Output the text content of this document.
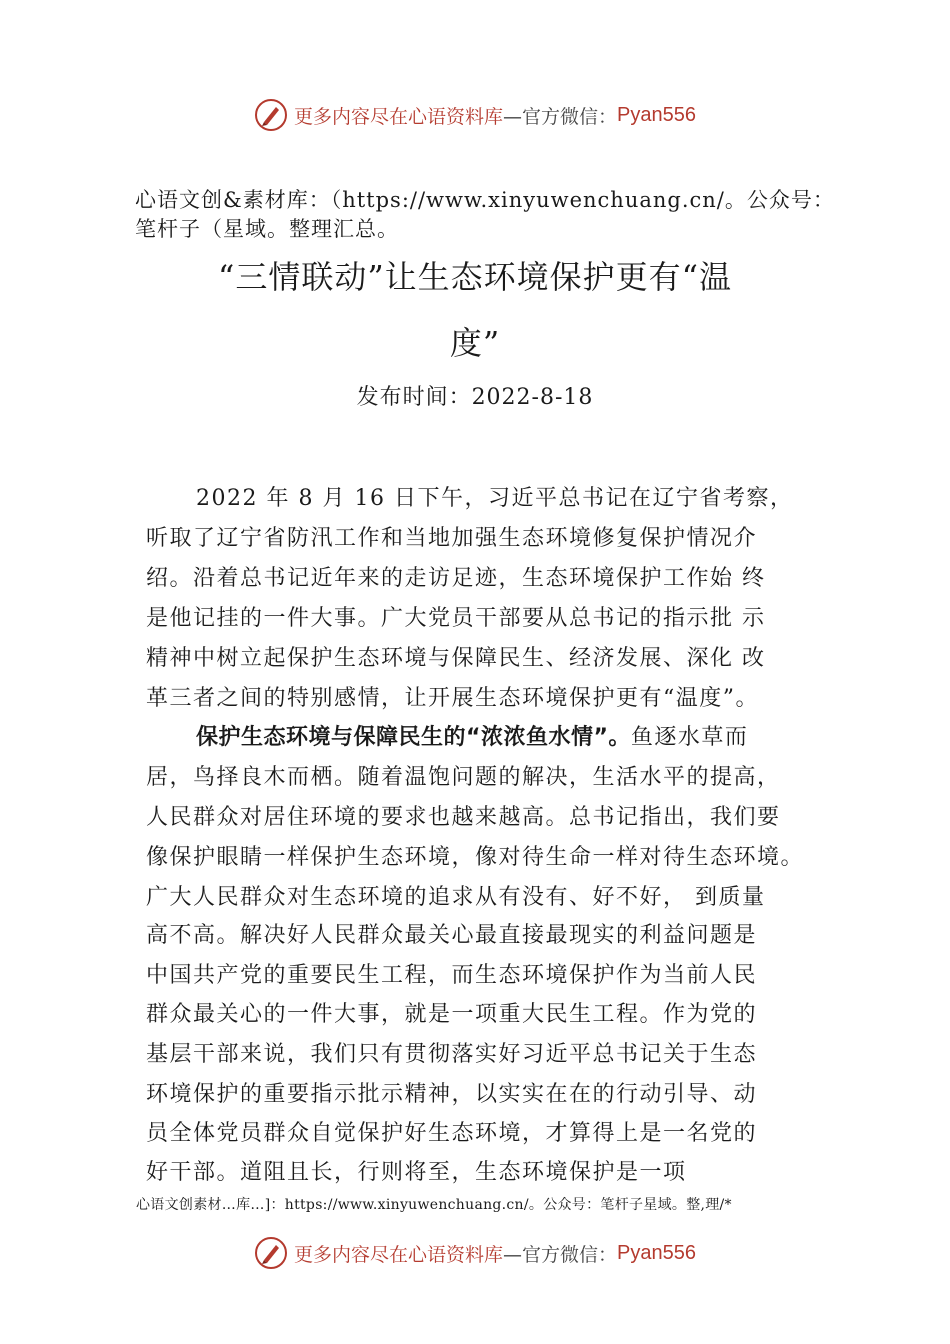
更多内容尽在心语资料库 —官方微信： Pyan556
心语文创&素材库：（https://www.xinyuwenchuang.cn/。公众号：笔杆子（星域。整理汇总。
“三情联动”让生态环境保护更有“温
度”
发布时间：2022-8-18
2022 年 8 月 16 日下午，习近平总书记在辽宁省考察，
听取了辽宁省防汛工作和当地加强生态环境修复保护情况介
绍。沿着总书记近年来的走访足迹，生态环境保护工作始 终
是他记挂的一件大事。广大党员干部要从总书记的指示批 示
精神中树立起保护生态环境与保障民生、经济发展、深化 改
革三者之间的特别感情，让开展生态环境保护更有“温度”。
保护生态环境与保障民生的“浓浓鱼水情”。鱼逐水草而
居，鸟择良木而栖。随着温饱问题的解决，生活水平的提高，
人民群众对居住环境的要求也越来越高。总书记指出，我们要
像保护眼睛一样保护生态环境，像对待生命一样对待生态环境。
广大人民群众对生态环境的追求从有没有、好不好， 到质量
高不高。解决好人民群众最关心最直接最现实的利益问题是
中国共产党的重要民生工程，而生态环境保护作为当前人民
群众最关心的一件大事，就是一项重大民生工程。作为党的
基层干部来说，我们只有贯彻落实好习近平总书记关于生态
环境保护的重要指示批示精神，以实实在在的行动引导、动
员全体党员群众自觉保护好生态环境，才算得上是一名党的
好干部。道阻且长，行则将至，生态环境保护是一项
心语文创素材…库…]：https://www.xinyuwenchuang.cn/。公众号：笔杆子星域。整,理/*
更多内容尽在心语资料库 —官方微信： Pyan556
